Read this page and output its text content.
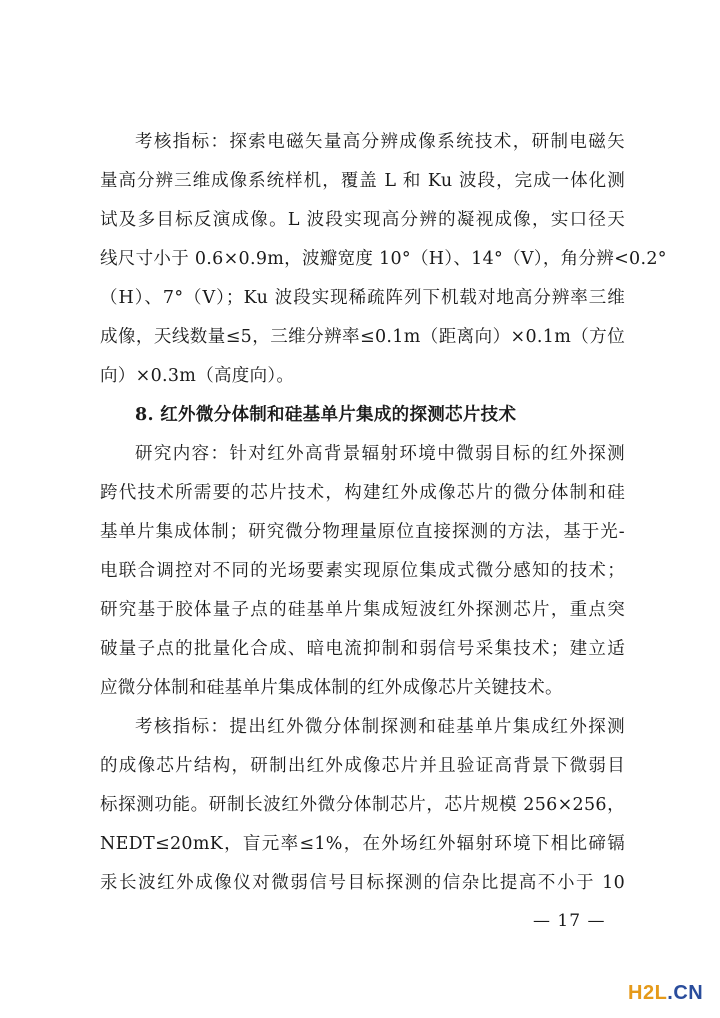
考核指标：探索电磁矢量高分辨成像系统技术，研制电磁矢
量高分辨三维成像系统样机，覆盖 L 和 Ku 波段，完成一体化测
试及多目标反演成像。L 波段实现高分辨的凝视成像，实口径天
线尺寸小于 0.6×0.9m，波瓣宽度 10°（H）、14°（V），角分辨<0.2°
（H）、7°（V）；Ku 波段实现稀疏阵列下机载对地高分辨率三维
成像，天线数量≤5，三维分辨率≤0.1m（距离向）×0.1m（方位
向）×0.3m（高度向）。
8. 红外微分体制和硅基单片集成的探测芯片技术
研究内容：针对红外高背景辐射环境中微弱目标的红外探测
跨代技术所需要的芯片技术，构建红外成像芯片的微分体制和硅
基单片集成体制；研究微分物理量原位直接探测的方法，基于光-
电联合调控对不同的光场要素实现原位集成式微分感知的技术；
研究基于胶体量子点的硅基单片集成短波红外探测芯片，重点突
破量子点的批量化合成、暗电流抑制和弱信号采集技术；建立适
应微分体制和硅基单片集成体制的红外成像芯片关键技术。
考核指标：提出红外微分体制探测和硅基单片集成红外探测
的成像芯片结构，研制出红外成像芯片并且验证高背景下微弱目
标探测功能。研制长波红外微分体制芯片，芯片规模 256×256，
NEDT≤20mK，盲元率≤1%，在外场红外辐射环境下相比碲镉
汞长波红外成像仪对微弱信号目标探测的信杂比提高不小于 10
— 17 —
H2L.CN
